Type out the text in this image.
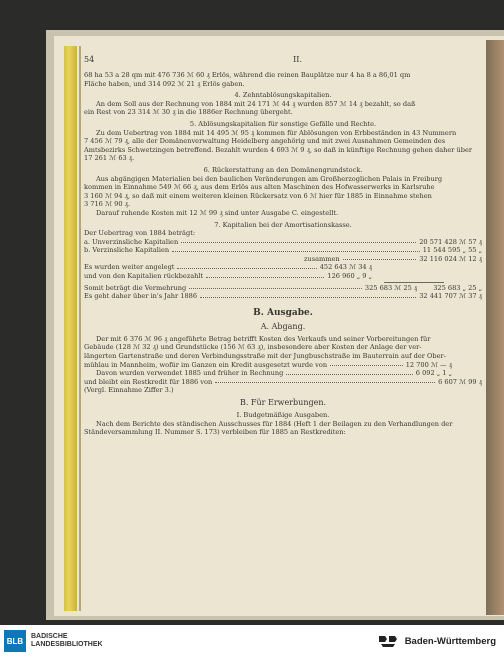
54	II.
68 ha 53 a 28 qm mit 476 736 ℳ 60 ₰ Erlös, während die reinen Bauplätze nur 4 ha 8 a 86,01 qm
Fläche haben, und 314 092 ℳ 21 ₰ Erlös gaben.
4. Zehntablösungskapitalien.
An dem Soll aus der Rechnung von 1884 mit 24 171 ℳ 44 ₰ wurden 857 ℳ 14 ₰ bezahlt, so daß
ein Rest von 23 314 ℳ 30 ₰ in die 1886er Rechnung übergeht.
5. Ablösungskapitalien für sonstige Gefälle und Rechte.
Zu dem Uebertrag von 1884 mit 14 495 ℳ 95 ₰ kommen für Ablösungen von Erbbeständen in 43 Nummern
7 456 ℳ 79 ₰, alle der Domänenverwaltung Heidelberg angehörig und mit zwei Ausnahmen Gemeinden des
Amtsbezirks Schwetzingen betreffend. Bezahlt wurden 4 693 ℳ 9 ₰, so daß in künftige Rechnung gehen daher über
17 261 ℳ 63 ₰.
6. Rückerstattung an den Domänengrundstock.
Aus abgängigen Materialien bei den baulichen Veränderungen am Großherzoglichen Palais in Freiburg
kommen in Einnahme 549 ℳ 66 ₰, aus dem Erlös aus alten Maschinen des Hofwasserwerks in Karlsruhe
3 160 ℳ 94 ₰, so daß mit einem weiteren kleinen Rückersatz von 6 ℳ hier für 1885 in Einnahme stehen
3 716 ℳ 90 ₰.
Darauf ruhende Kosten mit 12 ℳ 99 ₰ sind unter Ausgabe C. eingestellt.
7. Kapitalien bei der Amortisationskasse.
Der Uebertrag von 1884 beträgt:
a. Unverzinsliche Kapitalien	20 571 428 ℳ 57 ₰
b. Verzinsliche Kapitalien	11 544 595 „ 55 „
zusammen	32 116 024 ℳ 12 ₰
Es wurden weiter angelegt	452 643 ℳ 34 ₰
und von den Kapitalien rückbezahlt	126 960 „ 9 „
Somit beträgt die Vermehrung	325 683 ℳ 25 ₰ 325 683 „ 25 „
Es geht daher über in's Jahr 1886	32 441 707 ℳ 37 ₰
B. Ausgabe.
A. Abgang.
Der mit 6 376 ℳ 96 ₰ angeführte Betrag betrifft Kosten des Verkaufs und seiner Vorbereitungen für
Gebäude (128 ℳ 32 ₰) und Grundstücke (156 ℳ 63 ₰), insbesondere aber Kosten der Anlage der ver-
längerten Gartenstraße und deren Verbindungsstraße mit der Jungbuschstraße im Bauterrain auf der Ober-
mühlau in Mannheim, wofür im Ganzen ein Kredit ausgesetzt wurde von	12 700 ℳ — ₰
Davon wurden verwendet 1885 und früher in Rechnung	6 092 „ 1 „
und bleibt ein Restkredit für 1886 von	6 607 ℳ 99 ₰
(Vergl. Einnahme Ziffer 3.)
B. Für Erwerbungen.
I. Budgetmäßige Ausgaben.
Nach dem Berichte des ständischen Ausschusses für 1884 (Heft 1 der Beilagen zu den Verhandlungen der
Ständeversammlung II. Nummer S. 173) verbleiben für 1885 an Restkrediten:
BLB	BADISCHE
LANDESBIBLIOTHEK	Baden-Württemberg
